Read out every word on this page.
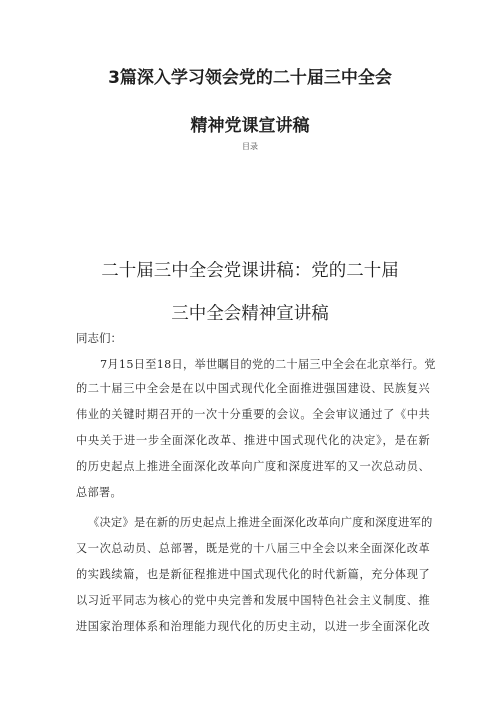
3篇深入学习领会党的二十届三中全会
精神党课宣讲稿
目录
二十届三中全会党课讲稿：党的二十届
三中全会精神宣讲稿
同志们：
7月15日至18日，举世瞩目的党的二十届三中全会在北京举行。党
的二十届三中全会是在以中国式现代化全面推进强国建设、民族复兴
伟业的关键时期召开的一次十分重要的会议。全会审议通过了《中共
中央关于进一步全面深化改革、推进中国式现代化的决定》，是在新
的历史起点上推进全面深化改革向广度和深度进军的又一次总动员、
总部署。
《决定》是在新的历史起点上推进全面深化改革向广度和深度进军的
又一次总动员、总部署，既是党的十八届三中全会以来全面深化改革
的实践续篇，也是新征程推进中国式现代化的时代新篇，充分体现了
以习近平同志为核心的党中央完善和发展中国特色社会主义制度、推
进国家治理体系和治理能力现代化的历史主动，以进一步全面深化改
